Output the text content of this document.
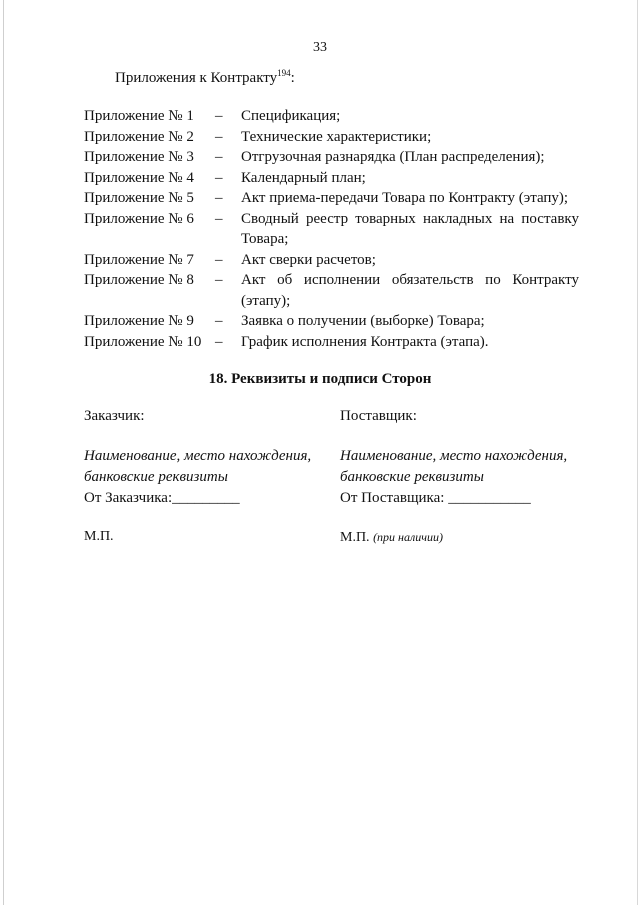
33
Приложения к Контракту$^{194}$:
Приложение № 1	–	Спецификация;
Приложение № 2	–	Технические характеристики;
Приложение № 3	–	Отгрузочная разнарядка (План распределения);
Приложение № 4	–	Календарный план;
Приложение № 5	–	Акт приема-передачи Товара по Контракту (этапу);
Приложение № 6	–	Сводный реестр товарных накладных на поставку Товара;
Приложение № 7	–	Акт сверки расчетов;
Приложение № 8	–	Акт об исполнении обязательств по Контракту (этапу);
Приложение № 9	–	Заявка о получении (выборке) Товара;
Приложение № 10 –	График исполнения Контракта (этапа).
18. Реквизиты и подписи Сторон
Заказчик:
Наименование, место нахождения,
банковские реквизиты
От Заказчика:_________
М.П.
Поставщик:
Наименование, место нахождения,
банковские реквизиты
От Поставщика: ___________
М.П. (при наличии)
